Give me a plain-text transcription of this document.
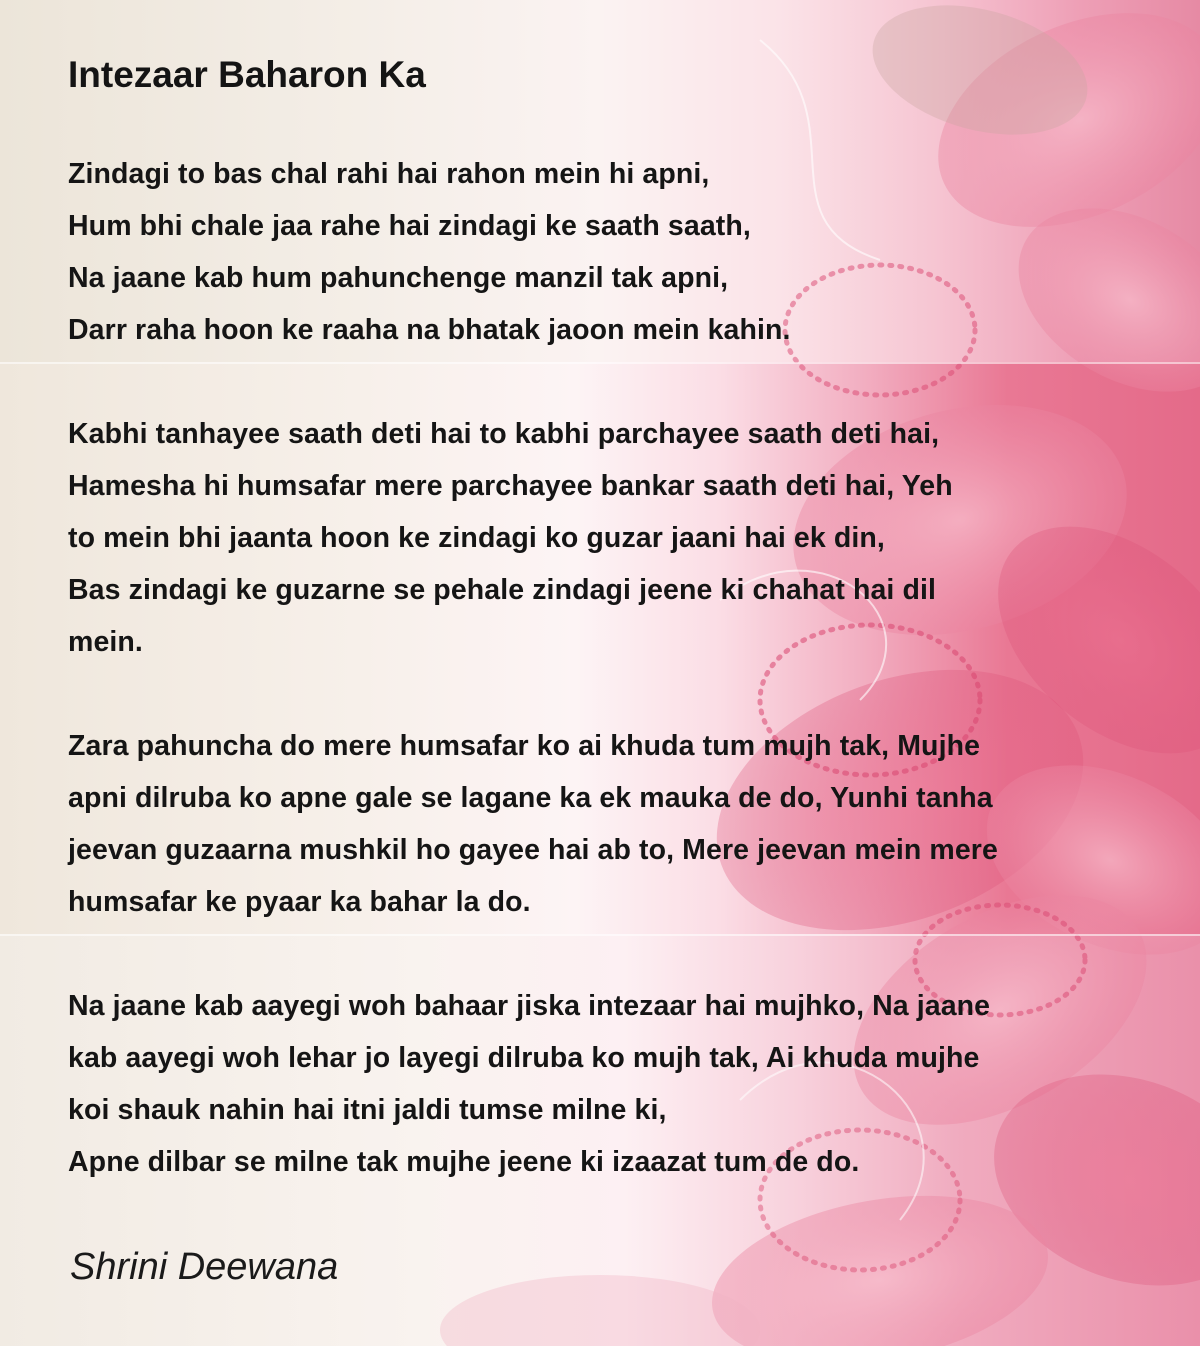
Intezaar Baharon Ka
Zindagi to bas chal rahi hai rahon mein hi apni,
Hum bhi chale jaa rahe hai zindagi ke saath saath,
Na jaane kab hum pahunchenge manzil tak apni,
Darr raha hoon ke raaha na bhatak jaoon mein kahin.
Kabhi tanhayee saath deti hai to kabhi parchayee saath deti hai,
Hamesha hi humsafar mere parchayee bankar saath deti hai, Yeh
to mein bhi jaanta hoon ke zindagi ko guzar jaani hai ek din,
Bas zindagi ke guzarne se pehale zindagi jeene ki chahat hai dil
mein.
Zara pahuncha do mere humsafar ko ai khuda tum mujh tak, Mujhe
apni dilruba ko apne gale se lagane ka ek mauka de do, Yunhi tanha
jeevan guzaarna mushkil ho gayee hai ab to, Mere jeevan mein mere
humsafar ke pyaar ka bahar la do.
Na jaane kab aayegi woh bahaar jiska intezaar hai mujhko, Na jaane
kab aayegi woh lehar jo layegi dilruba ko mujh tak, Ai khuda mujhe
koi shauk nahin hai itni jaldi tumse milne ki,
Apne dilbar se milne tak mujhe jeene ki izaazat tum de do.
Shrini Deewana
